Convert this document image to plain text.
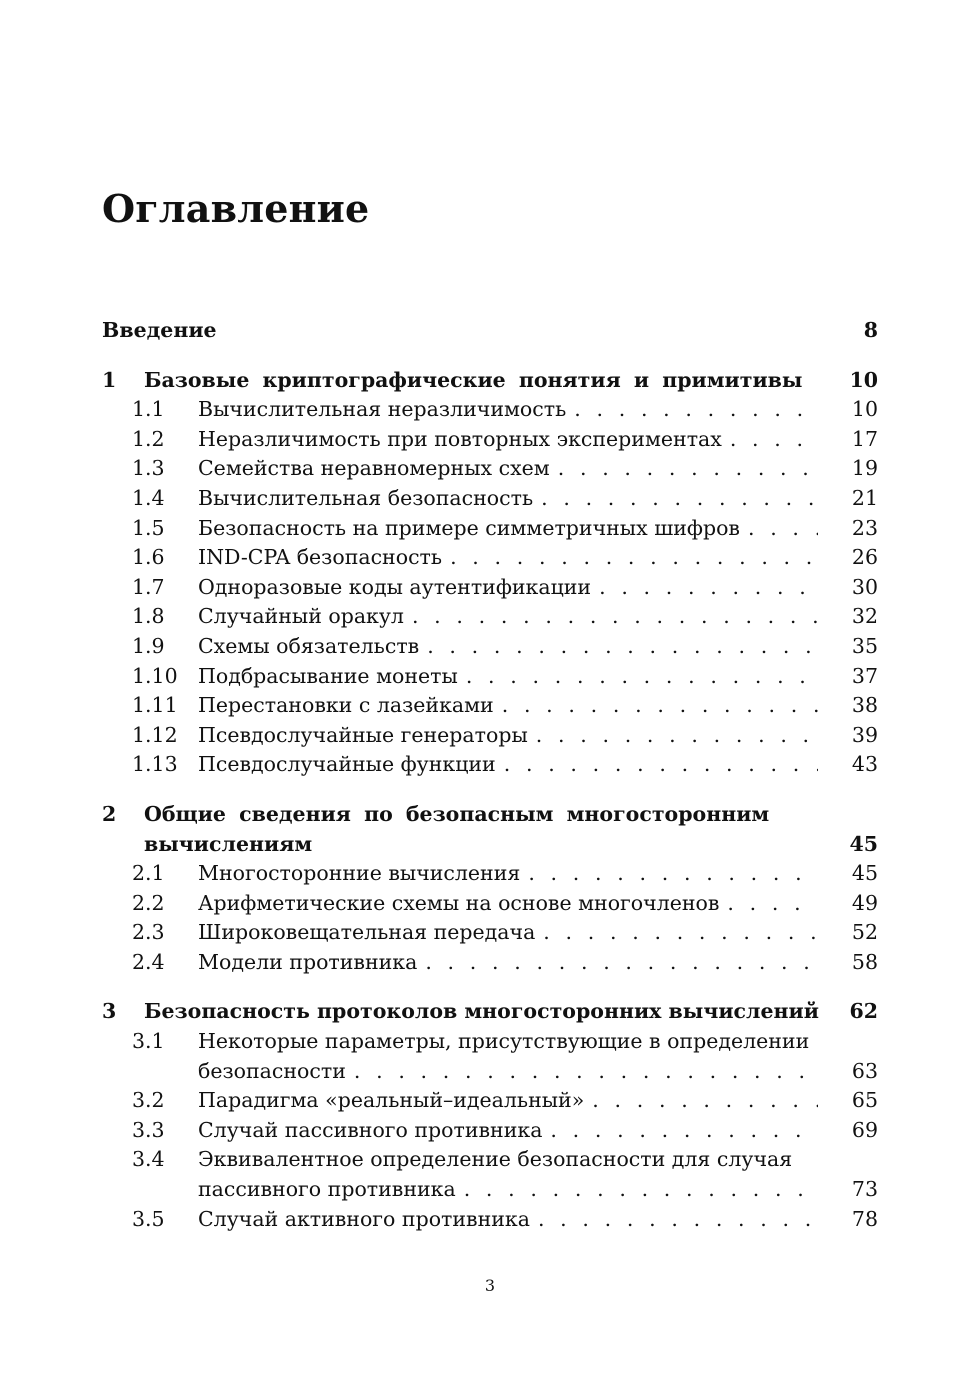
Оглавление
Введение	8
1 Базовые криптографические понятия и примитивы 10
1.1 Вычислительная неразличимость . . .	10
1.2 Неразличимость при повторных экспериментах . . .	17
1.3 Семейства неравномерных схем . . .	19
1.4 Вычислительная безопасность . . .	21
1.5 Безопасность на примере симметричных шифров . . .	23
1.6 IND-CPA безопасность . . .	26
1.7 Одноразовые коды аутентификации . . .	30
1.8 Случайный оракул . . .	32
1.9 Схемы обязательств . . .	35
1.10 Подбрасывание монеты . . .	37
1.11 Перестановки с лазейками . . .	38
1.12 Псевдослучайные генераторы . . .	39
1.13 Псевдослучайные функции . . .	43
2 Общие сведения по безопасным многосторонним
вычислениям	45
2.1 Многосторонние вычисления . . .	45
2.2 Арифметические схемы на основе многочленов . . .	49
2.3 Широковещательная передача . . .	52
2.4 Модели противника . . .	58
3 Безопасность протоколов многосторонних вычислений 62
3.1 Некоторые параметры, присутствующие в определении
безопасности . . .	63
3.2 Парадигма «реальный–идеальный» . . .	65
3.3 Случай пассивного противника . . .	69
3.4 Эквивалентное определение безопасности для случая
пассивного противника . . .	73
3.5 Случай активного противника . . .	78
3
